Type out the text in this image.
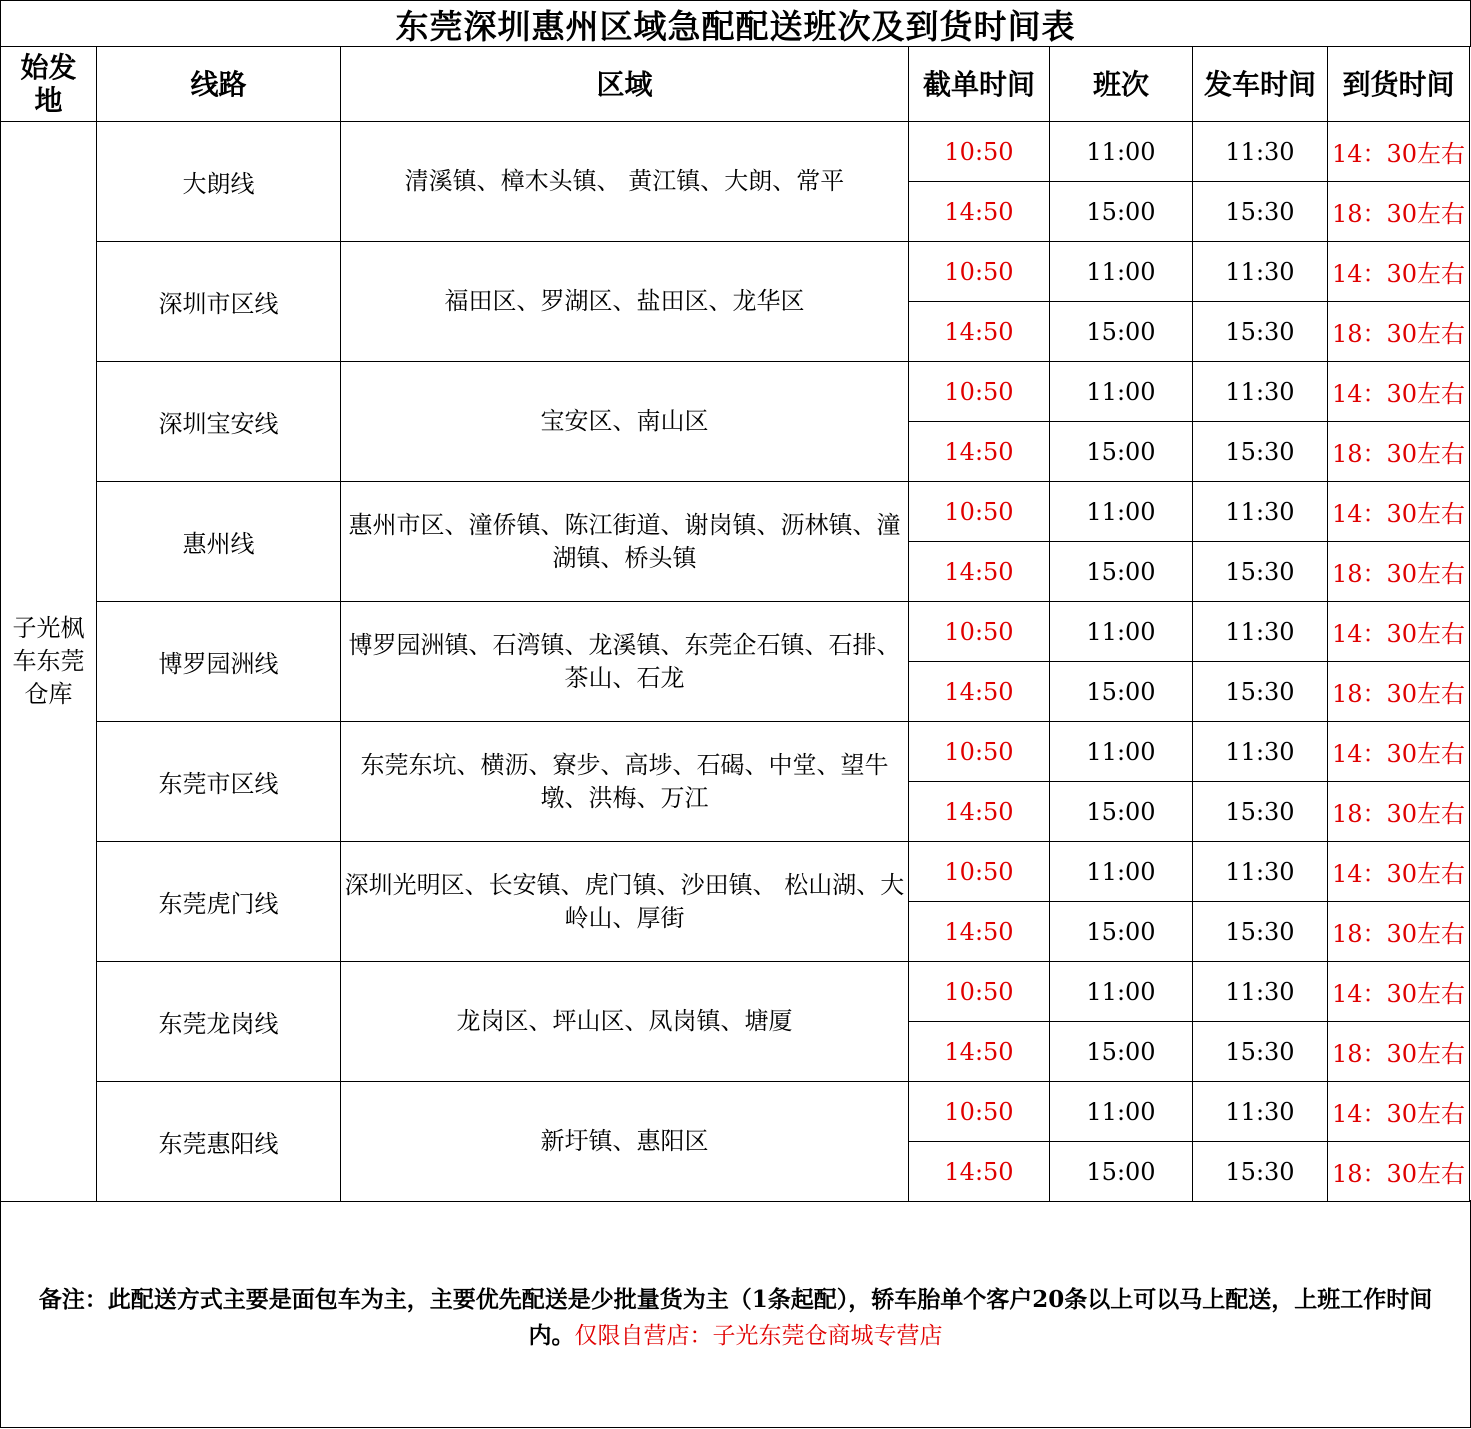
东莞深圳惠州区域急配配送班次及到货时间表
始发地	线路	区域	截单时间	班次	发车时间	到货时间
子光枫车东莞仓库	大朗线	清溪镇、樟木头镇、 黄江镇、大朗、常平	10:50	11:00	11:30	14：30左右
			14:50	15:00	15:30	18：30左右
	深圳市区线	福田区、罗湖区、盐田区、龙华区	10:50	11:00	11:30	14：30左右
			14:50	15:00	15:30	18：30左右
	深圳宝安线	宝安区、南山区	10:50	11:00	11:30	14：30左右
			14:50	15:00	15:30	18：30左右
	惠州线	惠州市区、潼侨镇、陈江街道、谢岗镇、沥林镇、潼湖镇、桥头镇	10:50	11:00	11:30	14：30左右
			14:50	15:00	15:30	18：30左右
	博罗园洲线	博罗园洲镇、石湾镇、龙溪镇、东莞企石镇、石排、茶山、石龙	10:50	11:00	11:30	14：30左右
			14:50	15:00	15:30	18：30左右
	东莞市区线	东莞东坑、横沥、寮步、高埗、石碣、中堂、望牛墩、洪梅、万江	10:50	11:00	11:30	14：30左右
			14:50	15:00	15:30	18：30左右
	东莞虎门线	深圳光明区、长安镇、虎门镇、沙田镇、 松山湖、大岭山、厚街	10:50	11:00	11:30	14：30左右
			14:50	15:00	15:30	18：30左右
	东莞龙岗线	龙岗区、坪山区、凤岗镇、塘厦	10:50	11:00	11:30	14：30左右
			14:50	15:00	15:30	18：30左右
	东莞惠阳线	新圩镇、惠阳区	10:50	11:00	11:30	14：30左右
			14:50	15:00	15:30	18：30左右
备注：此配送方式主要是面包车为主，主要优先配送是少批量货为主（1条起配），轿车胎单个客户20条以上可以马上配送，上班工作时间内。仅限自营店：子光东莞仓商城专营店
